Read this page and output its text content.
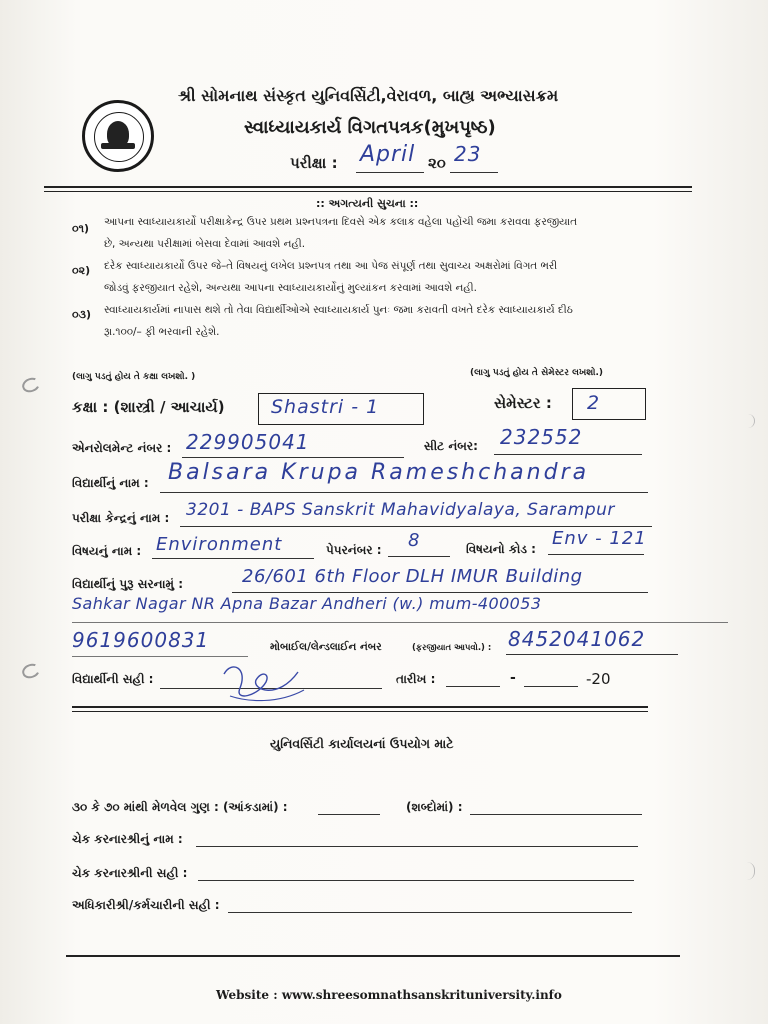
શ્રી સોમનાથ સંસ્કૃત યુનિવર્સિટી,વેરાવળ, બાહ્ય અભ્યાસક્રમ
સ્વાધ્યાયકાર્ય વિગતપત્રક(મુખપૃષ્ઠ)
પરીક્ષા : April ૨૦ 23
:: અગત્યની સુચના ::
૦૧) આપના સ્વાધ્યાયકાર્યો પરીક્ષાકેન્દ્ર ઉપર પ્રથમ પ્રશ્નપત્રના દિવસે એક કલાક વહેલા પહોંચી જમા કરાવવા ફરજીયાત
છે, અન્યથા પરીક્ષામાં બેસવા દેવામાં આવશે નહી.
૦૨) દરેક સ્વાધ્યાયકાર્યો ઉપર જે–તે વિષયનું લખેલ પ્રશ્નપત્ર તથા આ પેજ સંપૂર્ણ તથા સુવાચ્ય અક્ષરોમાં વિગત ભરી
જોડવું ફરજીયાત રહેશે, અન્યથા આપના સ્વાધ્યાયકાર્યોનું મુલ્યાંકન કરવામાં આવશે નહી.
૦૩) સ્વાધ્યાયકાર્યમાં નાપાસ થશે તો તેવા વિદ્યાર્થીઓએ સ્વાધ્યાયકાર્ય પુનઃ જમા કરાવતી વખતે દરેક સ્વાધ્યાયકાર્ય દીઠ
રૂા.૧૦૦/– ફી ભરવાની રહેશે.
(લાગુ પડતું હોય તે કક્ષા લખશો. )	(લાગુ પડતું હોય તે સેમેસ્ટર લખશો.)
કક્ષા : (શાસ્ત્રી / આચાર્ય) Shastri - 1	સેમેસ્ટર : 2
એનરોલમેન્ટ નંબર : 229905041	સીટ નંબર: 232552
વિદ્યાર્થીનું નામ : Balsara Krupa Rameshchandra
પરીક્ષા કેન્દ્રનું નામ : 3201 - BAPS Sanskrit Mahavidyalaya, Sarampur
વિષયનું નામ : Environment	પેપરનંબર : 8	વિષયનો કોડ : Env - 121
વિદ્યાર્થીનું પુરૂ સરનામું :	26/601 6th Floor DLH IMUR Building
Sahkar Nagar NR Apna Bazar Andheri (w.) mum-400053
9619600831	મોબાઈલ/લેન્ડલાઈન નંબર	(ફરજીયાત આપવો.) : 8452041062
વિદ્યાર્થીની સહી :	તારીખ :	-	-20
યુનિવર્સિટી કાર્યાલયનાં ઉપયોગ માટે
૩૦ કે ૭૦ માંથી મેળવેલ ગુણ : (આંકડામાં) :	(શબ્દોમાં) :
ચેક કરનારશ્રીનું નામ :
ચેક કરનારશ્રીની સહી :
અધિકારીશ્રી/કર્મચારીની સહી :
Website : www.shreesomnathsanskrituniversity.info
